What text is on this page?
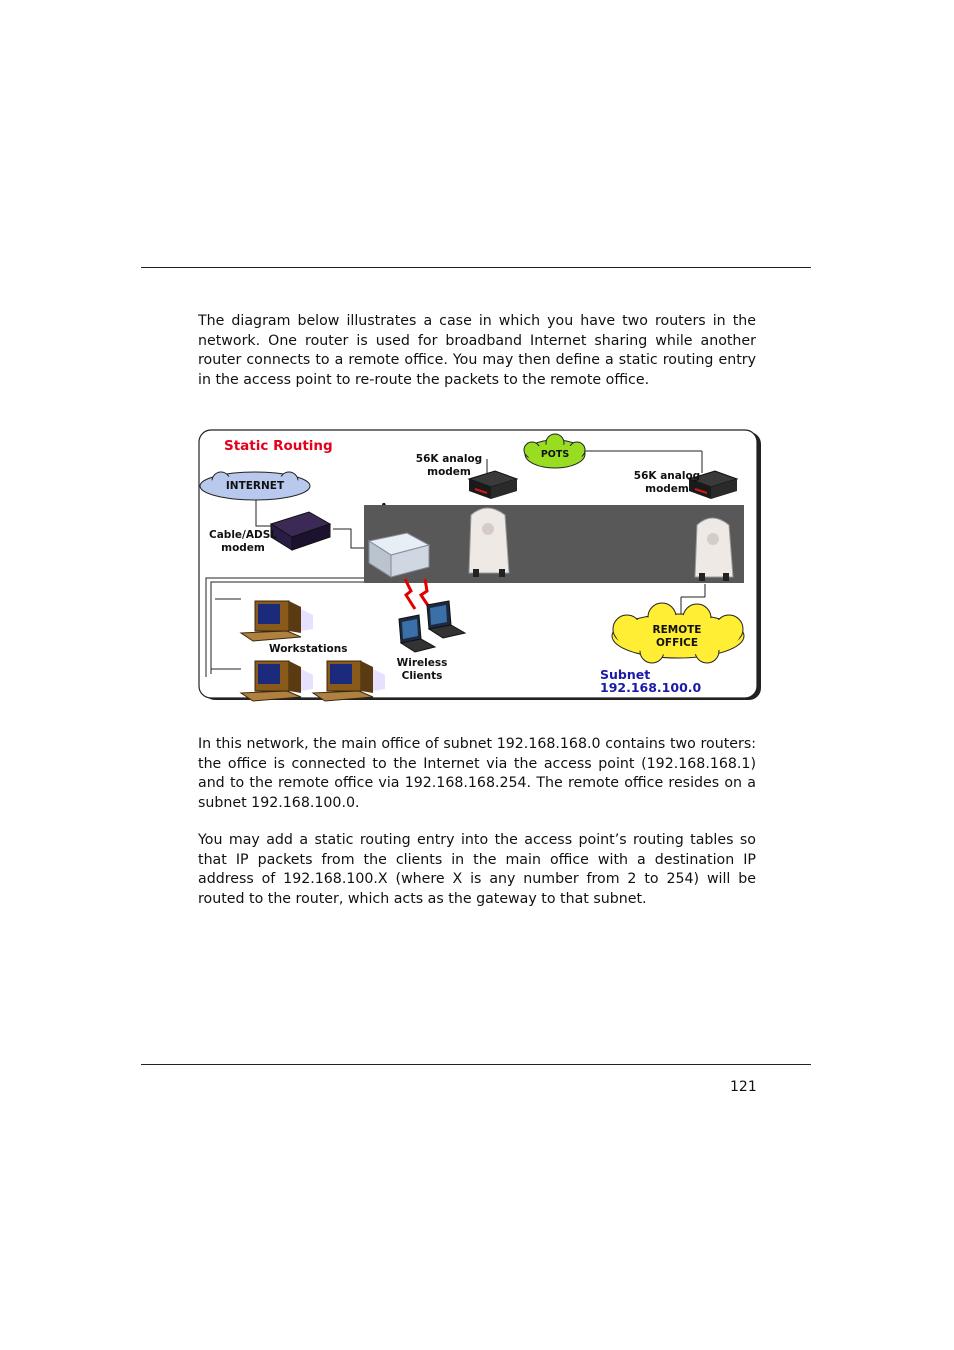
The diagram below illustrates a case in which you have two routers in the network. One router is used for broadband Internet sharing while another router connects to a remote office. You may then define a static routing entry in the access point to re-route the packets to the remote office.
Static Routing
INTERNET
POTS
REMOTE
OFFICE
56K analog
modem	56K analog
modem
Cable/ADSL
modem
Workstations
Wireless Clients	Subnet 192.168.100.0
In this network, the main office of subnet 192.168.168.0 contains two routers: the office is connected to the Internet via the access point (192.168.168.1) and to the remote office via 192.168.168.254. The remote office resides on a subnet 192.168.100.0.
You may add a static routing entry into the access point’s routing tables so that IP packets from the clients in the main office with a destination IP address of 192.168.100.X (where X is any number from 2 to 254) will be routed to the router, which acts as the gateway to that subnet.
121
